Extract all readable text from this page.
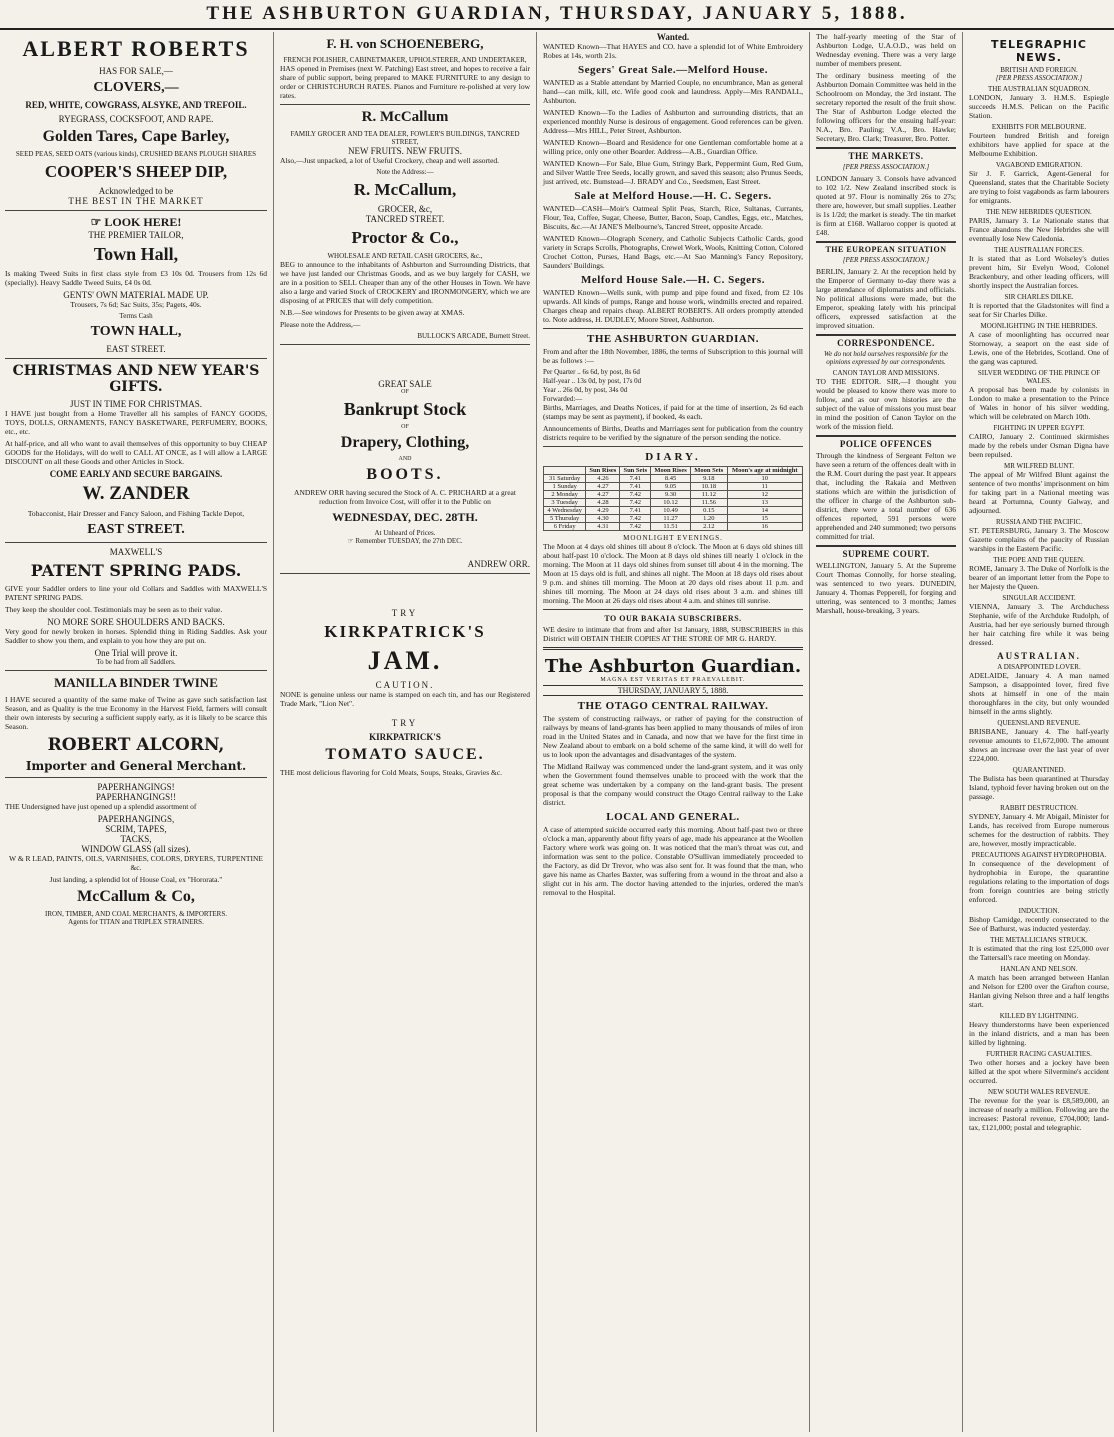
THE ASHBURTON GUARDIAN, THURSDAY, JANUARY 5, 1888.
ALBERT ROBERTS
HAS FOR SALE,—
CLOVERS,—
RED, WHITE, COWGRASS, ALSYKE, AND TREFOIL.
RYEGRASS, COCKSFOOT, AND RAPE.
Golden Tares, Cape Barley,
SEED PEAS, SEED OATS (various kinds), CRUSHED BEANS PLOUGH SHARES
COOPER'S SHEEP DIP,
Acknowledged to be
THE BEST IN THE MARKET
☞ LOOK HERE!
THE PREMIER TAILOR,
Town Hall,

Is making Tweed Suits in first class style from £3 10s 0d. Trousers from 12s 6d (specially). Heavy Saddle Tweed Suits, £4 0s 0d.

GENTS' OWN MATERIAL MADE UP.

Trousers, 7s 6d; Sac Suits, 35s; Pagets, 40s.

Terms Cash
TOWN HALL,
EAST STREET.
CHRISTMAS AND NEW YEAR'S GIFTS.
JUST IN TIME FOR CHRISTMAS.

I HAVE just bought from a Home Traveller all his samples of FANCY GOODS, TOYS, DOLLS, ORNAMENTS, FANCY BASKETWARE, PERFUMERY, BOOKS, etc., etc.

At half-price, and all who want to avail themselves of this opportunity to buy CHEAP GOODS for the Holidays, will do well to CALL AT ONCE, as I will allow a LARGE DISCOUNT on all these Goods and other Articles in Stock.

COME EARLY AND SECURE BARGAINS.
W. ZANDER

Tobacconist, Hair Dresser and Fancy Saloon, and Fishing Tackle Depot,

EAST STREET.
MAXWELL'S
PATENT SPRING PADS.

GIVE your Saddler orders to line your old Collars and Saddles with MAXWELL'S PATENT SPRING PADS.

They keep the shoulder cool. Testimonials may be seen as to their value.

NO MORE SORE SHOULDERS AND BACKS.

Very good for newly broken in horses. Splendid thing in Riding Saddles. Ask your Saddler to show you them, and explain to you how they are put on.

One Trial will prove it.
To be had from all Saddlers.
MANILLA BINDER TWINE

I HAVE secured a quantity of the same make of Twine as gave such satisfaction last Season, and as Quality is the true Economy in the Harvest Field, farmers will consult their own interests by securing a sufficient supply early, as it is likely to be scarce this Season.

ROBERT ALCORN,
Importer and General Merchant.
PAPERHANGINGS!
PAPERHANGINGS!!

THE Undersigned have just opened up a splendid assortment of

PAPERHANGINGS,
SCRIM, TAPES,
TACKS,
WINDOW GLASS (all sizes).

W & R LEAD, PAINTS, OILS, VARNISHES, COLORS, DRYERS, TURPENTINE &c.

Just landing, a splendid lot of House Coal, ex "Hororata."

McCallum & Co,
IRON, TIMBER, AND COAL MERCHANTS, & IMPORTERS.
Agents for TITAN and TRIPLEX STRAINERS.
F. H. von SCHOENEBERG,
FRENCH POLISHER, CABINETMAKER, UPHOLSTERER, AND UNDERTAKER,

HAS opened in Premises (next W. Patching) East street, and hopes to receive a fair share of public support, being prepared to MAKE FURNITURE to any design to order or CHRISTCHURCH RATES. Pianos and Furniture re-polished at very low rates.

R. McCallum
FAMILY GROCER AND TEA DEALER, FOWLER'S BUILDINGS, TANCRED STREET,
NEW FRUITS. NEW FRUITS.

Also,—Just unpacked, a lot of Useful Crockery, cheap and well assorted.

Note the Address:—
R. McCallum,
GROCER, &c,
TANCRED STREET.
Proctor & Co.,
WHOLESALE AND RETAIL CASH GROCERS, &c.,

BEG to announce to the inhabitants of Ashburton and Surrounding Districts, that we have just landed our Christmas Goods, and as we buy largely for CASH, we are in a position to SELL Cheaper than any of the other Houses in Town. We have also a large and varied Stock of CROCKERY and IRONMONGERY, which we are disposing of at PRICES that will defy competition.

N.B.—See windows for Presents to be given away at XMAS.

Please note the Address,—

BULLOCK'S ARCADE, Burnett Street.
GREAT SALE
OF
Bankrupt Stock
OF
Drapery, Clothing,
AND
BOOTS.

ANDREW ORR having secured the Stock of A. C. PRICHARD at a great reduction from Invoice Cost, will offer it to the Public on

WEDNESDAY, DEC. 28TH.
At Unheard of Prices.
☞ Remember TUESDAY, the 27th DEC.
ANDREW ORR.
TRY
KIRKPATRICK'S
JAM.
CAUTION.

NONE is genuine unless our name is stamped on each tin, and has our Registered Trade Mark, "Lion Net".

TRY
KIRKPATRICK'S
TOMATO SAUCE.

THE most delicious flavoring for Cold Meats, Soups, Steaks, Gravies &c.

Wanted.

WANTED Known—That HAYES and CO. have a splendid lot of White Embroidery Robes at 14s, worth 21s.

Segers' Great Sale.—Melford House.

WANTED as a Stable attendant by Married Couple, no encumbrance, Man as general hand—can milk, kill, etc. Wife good cook and laundress. Apply—Mrs RANDALL, Ashburton.

WANTED Known—To the Ladies of Ashburton and surrounding districts, that an experienced monthly Nurse is desirous of engagement. Good references can be given. Address—Mrs HILL, Peter Street, Ashburton.

WANTED Known—Board and Residence for one Gentleman comfortable home at a willing price, only one other Boarder. Address—A.B., Guardian Office.

WANTED Known—For Sale, Blue Gum, Stringy Bark, Peppermint Gum, Red Gum, and Silver Wattle Tree Seeds, locally grown, and saved this season; also Prunus Seeds, just arrived, etc. Bumstead—J. BRADY and Co., Seedsmen, East Street.

Sale at Melford House.—H. C. Segers.

WANTED—CASH—Moir's Oatmeal Split Peas, Starch, Rice, Sultanas, Currants, Flour, Tea, Coffee, Sugar, Cheese, Butter, Bacon, Soap, Candles, Eggs, etc., Matches, Biscuits, &c.—At JANE'S Melbourne's, Tancred Street, opposite Arcade.

WANTED Known—Olograph Scenery, and Catholic Subjects Catholic Cards, good variety in Scraps Scrolls, Photographs, Crewel Work, Wools, Knitting Cotton, Colored Crochet Cotton, Purses, Hand Bags, etc.—At Sao Manning's Fancy Repository, Saunders' Buildings.

Melford House Sale.—H. C. Segers.

WANTED Known—Wells sunk, with pump and pipe found and fixed, from £2 10s upwards. All kinds of pumps, Range and house work, windmills erected and repaired. Charges cheap and repairs cheap. ALBERT ROBERTS. All orders promptly attended to. Note address, H. DUDLEY, Moore Street, Ashburton.

THE ASHBURTON GUARDIAN.

From and after the 18th November, 1886, the terms of Subscription to this journal will be as follows :—

Per Quarter .. 6s 6d, by post, 8s 6d
Half-year .. 13s 0d, by post, 17s 0d
Year .. 26s 0d, by post, 34s 0d
Forwarded:—

Births, Marriages, and Deaths Notices, if paid for at the time of insertion, 2s 6d each (stamps may be sent as payment), if booked, 4s each.

Announcements of Births, Deaths and Marriages sent for publication from the country districts require to be verified by the signature of the person sending the notice.

DIARY.
	Sun Rises	Sun Sets	Moon Rises	Moon Sets	Moon's age at midnight
31 Saturday	4.26	7.41	8.45	9.18	10
1 Sunday	4.27	7.41	9.05	10.18	11
2 Monday	4.27	7.42	9.30	11.12	12
3 Tuesday	4.28	7.42	10.12	11.56	13
4 Wednesday	4.29	7.41	10.49	0.15	14
5 Thursday	4.30	7.42	11.27	1.20	15
6 Friday	4.31	7.42	11.51	2.12	16
MOONLIGHT EVENINGS.

The Moon at 4 days old shines till about 8 o'clock. The Moon at 6 days old shines till about half-past 10 o'clock. The Moon at 8 days old shines till nearly 1 o'clock in the morning. The Moon at 11 days old shines from sunset till about 4 in the morning. The Moon at 15 days old is full, and shines all night. The Moon at 18 days old rises about 9 p.m. and shines till morning. The Moon at 20 days old rises about 11 p.m. and shines till morning. The Moon at 24 days old rises about 3 a.m. and shines till morning. The Moon at 26 days old rises about 4 a.m. and shines till sunrise.

TO OUR BAKAIA SUBSCRIBERS.

WE desire to intimate that from and after 1st January, 1888, SUBSCRIBERS in this District will OBTAIN THEIR COPIES AT THE STORE OF MR G. HARDY.

The Ashburton Guardian.
MAGNA EST VERITAS ET PRAEVALEBIT.
THURSDAY, JANUARY 5, 1888.
THE OTAGO CENTRAL RAILWAY.

The system of constructing railways, or rather of paying for the construction of railways by means of land-grants has been applied to many thousands of miles of iron road in the United States and in Canada, and now that we have for the first time in New Zealand about to embark on a bold scheme of the same kind, it will do well for us to look upon the advantages and disadvantages of the system.

The Midland Railway was commenced under the land-grant system, and it was only when the Government found themselves unable to proceed with the work that the great scheme was undertaken by a company on the land-grant basis. The present proposal is that the company would construct the Otago Central railway to the Lake district.

LOCAL AND GENERAL.

A case of attempted suicide occurred early this morning. About half-past two or three o'clock a man, apparently about fifty years of age, made his appearance at the Woollen Factory where work was going on. It was noticed that the man's throat was cut, and information was sent to the police. Constable O'Sullivan immediately proceeded to the Factory, as did Dr Trevor, who was also sent for. It was found that the man, who gave his name as Charles Baxter, was suffering from a wound in the throat and also a slight cut in his arm. The doctor having attended to the injuries, ordered the man's removal to the Hospital.

The half-yearly meeting of the Star of Ashburton Lodge, U.A.O.D., was held on Wednesday evening. There was a very large number of members present.

The ordinary business meeting of the Ashburton Domain Committee was held in the Schoolroom on Monday, the 3rd instant. The secretary reported the result of the fruit show. The Star of Ashburton Lodge elected the following officers for the ensuing half-year: N.A., Bro. Pauling; V.A., Bro. Hawke; Secretary, Bro. Clark; Treasurer, Bro. Potter.

THE MARKETS.
[PER PRESS ASSOCIATION.]

LONDON January 3. Consols have advanced to 102 1/2. New Zealand inscribed stock is quoted at 97. Flour is nominally 26s to 27s; there are, however, but small supplies. Leather is 1s 1/2d; the market is steady. The tin market is firm at £168. Wallaroo copper is quoted at £48.

THE EUROPEAN SITUATION
[PER PRESS ASSOCIATION.]

BERLIN, January 2. At the reception held by the Emperor of Germany to-day there was a large attendance of diplomatists and officials. No political allusions were made, but the Emperor, speaking lately with his principal officers, expressed satisfaction at the improved situation.

CORRESPONDENCE.
We do not hold ourselves responsible for the opinions expressed by our correspondents.
CANON TAYLOR AND MISSIONS.

TO THE EDITOR. SIR,—I thought you would be pleased to know there was more to follow, and as our own histories are the subject of the value of missions you must bear in mind the position of Canon Taylor on the work of the mission field.

POLICE OFFENCES

Through the kindness of Sergeant Felton we have seen a return of the offences dealt with in the R.M. Court during the past year. It appears that, including the Rakaia and Methven stations which are within the jurisdiction of the officer in charge of the Ashburton sub-district, there were a total number of 636 offences reported, 591 persons were apprehended and 240 summoned; two persons committed for trial.

SUPREME COURT.

WELLINGTON, January 5. At the Supreme Court Thomas Connolly, for horse stealing, was sentenced to two years. DUNEDIN, January 4. Thomas Pepperell, for forging and uttering, was sentenced to 3 months; James Marshall, house-breaking, 3 years.

TELEGRAPHIC NEWS.
BRITISH AND FOREIGN.
[PER PRESS ASSOCIATION.]
THE AUSTRALIAN SQUADRON.

LONDON, January 3. H.M.S. Espiegle succeeds H.M.S. Pelican on the Pacific Station.

EXHIBITS FOR MELBOURNE.

Fourteen hundred British and foreign exhibitors have applied for space at the Melbourne Exhibition.

VAGABOND EMIGRATION.

Sir J. F. Garrick, Agent-General for Queensland, states that the Charitable Society are trying to foist vagabonds as farm labourers for emigrants.

THE NEW HEBRIDES QUESTION.

PARIS, January 3. Le Nationale states that France abandons the New Hebrides she will eventually lose New Caledonia.

THE AUSTRALIAN FORCES.

It is stated that as Lord Wolseley's duties prevent him, Sir Evelyn Wood, Colonel Brackenbury, and other leading officers, will shortly inspect the Australian forces.

SIR CHARLES DILKE.

It is reported that the Gladstonites will find a seat for Sir Charles Dilke.

MOONLIGHTING IN THE HEBRIDES.

A case of moonlighting has occurred near Stornoway, a seaport on the east side of Lewis, one of the Hebrides, Scotland. One of the gang was captured.

SILVER WEDDING OF THE PRINCE OF WALES.

A proposal has been made by colonists in London to make a presentation to the Prince of Wales in honor of his silver wedding, which will be celebrated on March 10th.

FIGHTING IN UPPER EGYPT.

CAIRO, January 2. Continued skirmishes made by the rebels under Osman Digna have been repulsed.

MR WILFRED BLUNT.

The appeal of Mr Wilfred Blunt against the sentence of two months' imprisonment on him for taking part in a National meeting was heard at Portumna, County Galway, and adjourned.

RUSSIA AND THE PACIFIC.

ST. PETERSBURG, January 3. The Moscow Gazette complains of the paucity of Russian warships in the Eastern Pacific.

THE POPE AND THE QUEEN.

ROME, January 3. The Duke of Norfolk is the bearer of an important letter from the Pope to her Majesty the Queen.

SINGULAR ACCIDENT.

VIENNA, January 3. The Archduchess Stephanie, wife of the Archduke Rudolph, of Austria, had her eye seriously burned through her hair catching fire while it was being dressed.

AUSTRALIAN.
A DISAPPOINTED LOVER.

ADELAIDE, January 4. A man named Sampson, a disappointed lover, fired five shots at himself in one of the main thoroughfares in the city, but only wounded himself in the arms slightly.

QUEENSLAND REVENUE.

BRISBANE, January 4. The half-yearly revenue amounts to £1,672,000. The amount shows an increase over the last year of over £224,000.

QUARANTINED.

The Bulista has been quarantined at Thursday Island, typhoid fever having broken out on the passage.

RABBIT DESTRUCTION.

SYDNEY, January 4. Mr Abigail, Minister for Lands, has received from Europe numerous schemes for the destruction of rabbits. They are, however, mostly impracticable.

PRECAUTIONS AGAINST HYDROPHOBIA.

In consequence of the development of hydrophobia in Europe, the quarantine regulations relating to the importation of dogs from foreign countries are being strictly enforced.

INDUCTION.

Bishop Camidge, recently consecrated to the See of Bathurst, was inducted yesterday.

THE METALLICIANS STRUCK.

It is estimated that the ring lost £25,000 over the Tattersall's race meeting on Monday.

HANLAN AND NELSON.

A match has been arranged between Hanlan and Nelson for £200 over the Grafton course, Hanlan giving Nelson three and a half lengths start.

KILLED BY LIGHTNING.

Heavy thunderstorms have been experienced in the inland districts, and a man has been killed by lightning.

FURTHER RACING CASUALTIES.

Two other horses and a jockey have been killed at the spot where Silvermine's accident occurred.

NEW SOUTH WALES REVENUE.

The revenue for the year is £8,589,000, an increase of nearly a million. Following are the increases: Pastoral revenue, £704,000; land-tax, £121,000; postal and telegraphic.
